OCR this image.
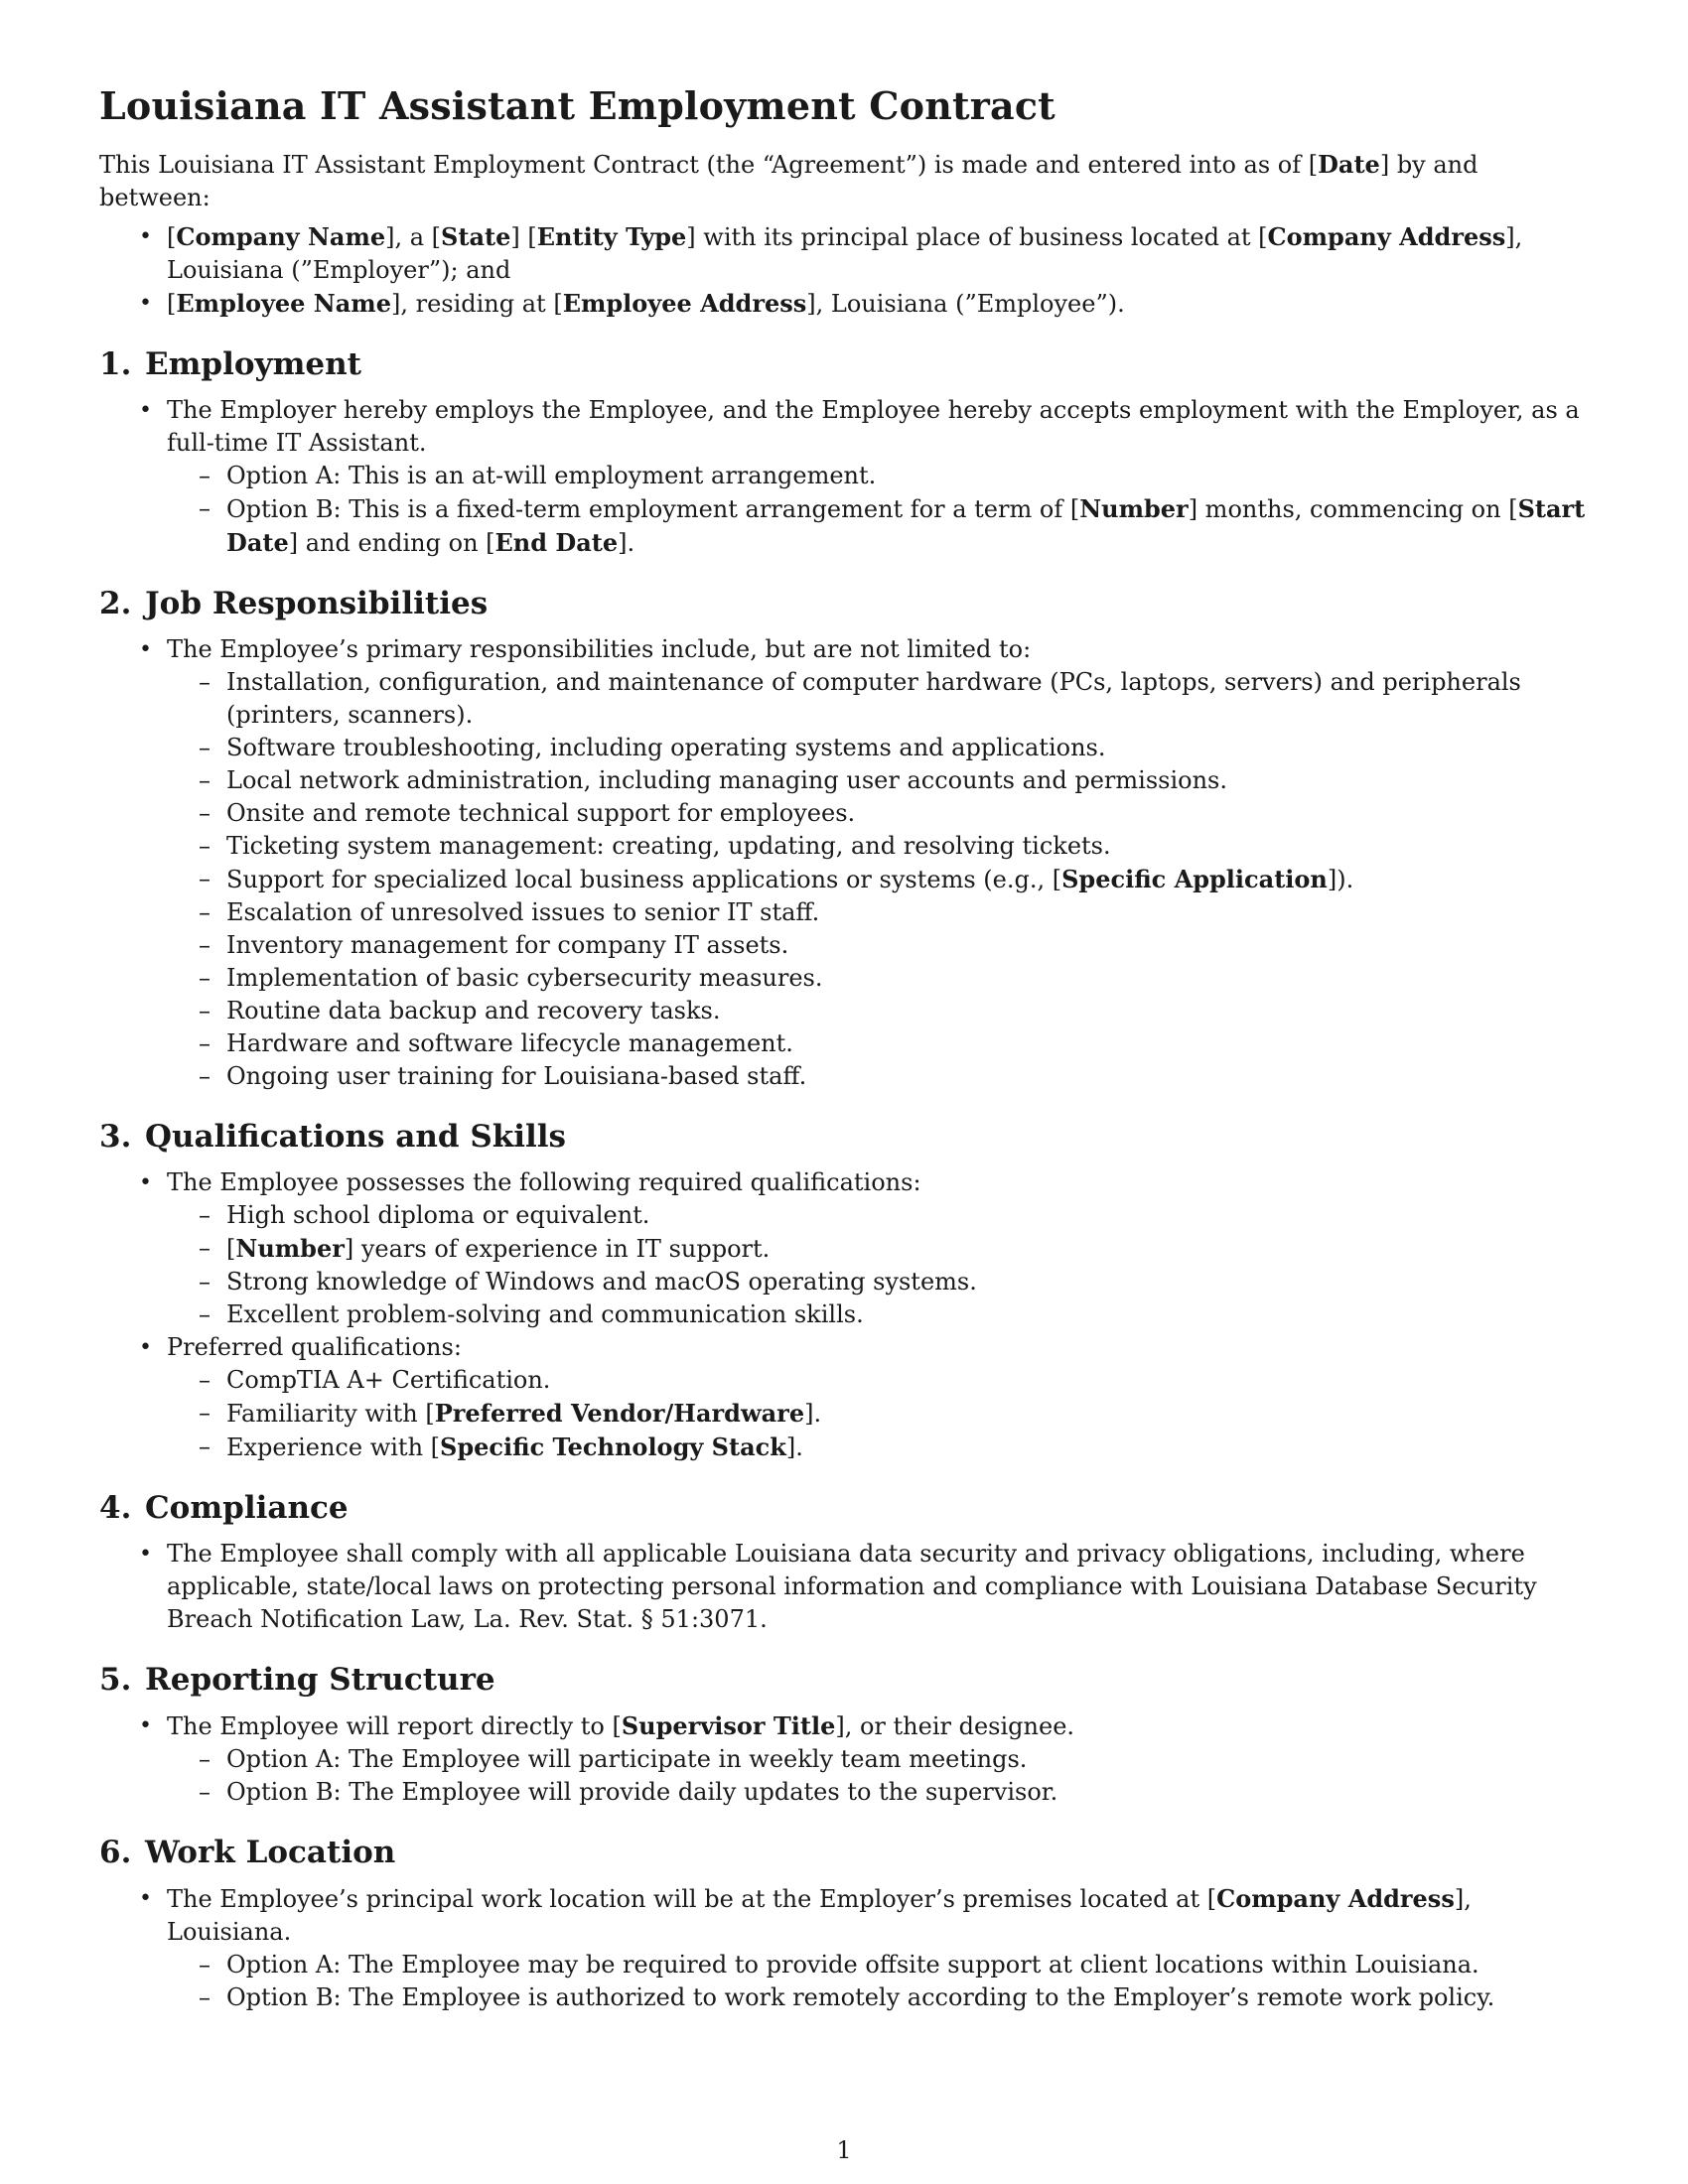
Louisiana IT Assistant Employment Contract

This Louisiana IT Assistant Employment Contract (the “Agreement”) is made and entered into as of [Date] by and between:

• [Company Name], a [State] [Entity Type] with its principal place of business located at [Company Address], Louisiana (”Employer”); and
• [Employee Name], residing at [Employee Address], Louisiana (”Employee”).
1. Employment
• The Employer hereby employs the Employee, and the Employee hereby accepts employment with the Employer, as a full-time IT Assistant.
– Option A: This is an at-will employment arrangement.
– Option B: This is a fixed-term employment arrangement for a term of [Number] months, commencing on [Start Date] and ending on [End Date].
2. Job Responsibilities
• The Employee’s primary responsibilities include, but are not limited to:
– Installation, configuration, and maintenance of computer hardware (PCs, laptops, servers) and peripherals (printers, scanners).
– Software troubleshooting, including operating systems and applications.
– Local network administration, including managing user accounts and permissions.
– Onsite and remote technical support for employees.
– Ticketing system management: creating, updating, and resolving tickets.
– Support for specialized local business applications or systems (e.g., [Specific Application]).
– Escalation of unresolved issues to senior IT staff.
– Inventory management for company IT assets.
– Implementation of basic cybersecurity measures.
– Routine data backup and recovery tasks.
– Hardware and software lifecycle management.
– Ongoing user training for Louisiana-based staff.
3. Qualifications and Skills
• The Employee possesses the following required qualifications:
– High school diploma or equivalent.
– [Number] years of experience in IT support.
– Strong knowledge of Windows and macOS operating systems.
– Excellent problem-solving and communication skills.
• Preferred qualifications:
– CompTIA A+ Certification.
– Familiarity with [Preferred Vendor/Hardware].
– Experience with [Specific Technology Stack].
4. Compliance
• The Employee shall comply with all applicable Louisiana data security and privacy obligations, including, where applicable, state/local laws on protecting personal information and compliance with Louisiana Database Security Breach Notification Law, La. Rev. Stat. § 51:3071.
5. Reporting Structure
• The Employee will report directly to [Supervisor Title], or their designee.
– Option A: The Employee will participate in weekly team meetings.
– Option B: The Employee will provide daily updates to the supervisor.
6. Work Location
• The Employee’s principal work location will be at the Employer’s premises located at [Company Address], Louisiana.
– Option A: The Employee may be required to provide offsite support at client locations within Louisiana.
– Option B: The Employee is authorized to work remotely according to the Employer’s remote work policy.
1
